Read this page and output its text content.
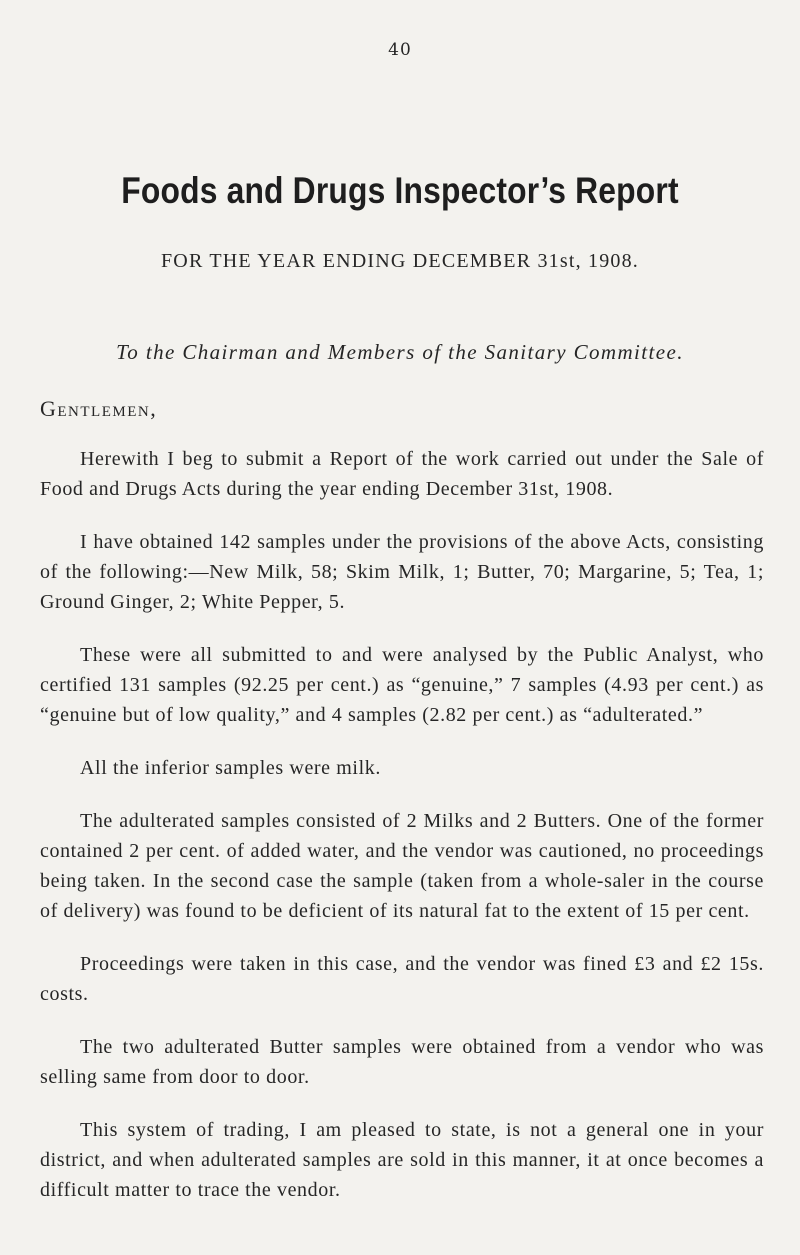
40
Foods and Drugs Inspector’s Report
FOR THE YEAR ENDING DECEMBER 31st, 1908.
To the Chairman and Members of the Sanitary Committee.
Gentlemen,

Herewith I beg to submit a Report of the work carried out under the Sale of Food and Drugs Acts during the year ending December 31st, 1908.

I have obtained 142 samples under the provisions of the above Acts, consisting of the following:—New Milk, 58; Skim Milk, 1; Butter, 70; Margarine, 5; Tea, 1; Ground Ginger, 2; White Pepper, 5.

These were all submitted to and were analysed by the Public Analyst, who certified 131 samples (92.25 per cent.) as “genuine,” 7 samples (4.93 per cent.) as “genuine but of low quality,” and 4 samples (2.82 per cent.) as “adulterated.”

All the inferior samples were milk.

The adulterated samples consisted of 2 Milks and 2 Butters. One of the former contained 2 per cent. of added water, and the vendor was cautioned, no proceedings being taken. In the second case the sample (taken from a whole-saler in the course of delivery) was found to be deficient of its natural fat to the extent of 15 per cent.

Proceedings were taken in this case, and the vendor was fined £3 and £2 15s. costs.

The two adulterated Butter samples were obtained from a vendor who was selling same from door to door.

This system of trading, I am pleased to state, is not a general one in your district, and when adulterated samples are sold in this manner, it at once becomes a difficult matter to trace the vendor.
